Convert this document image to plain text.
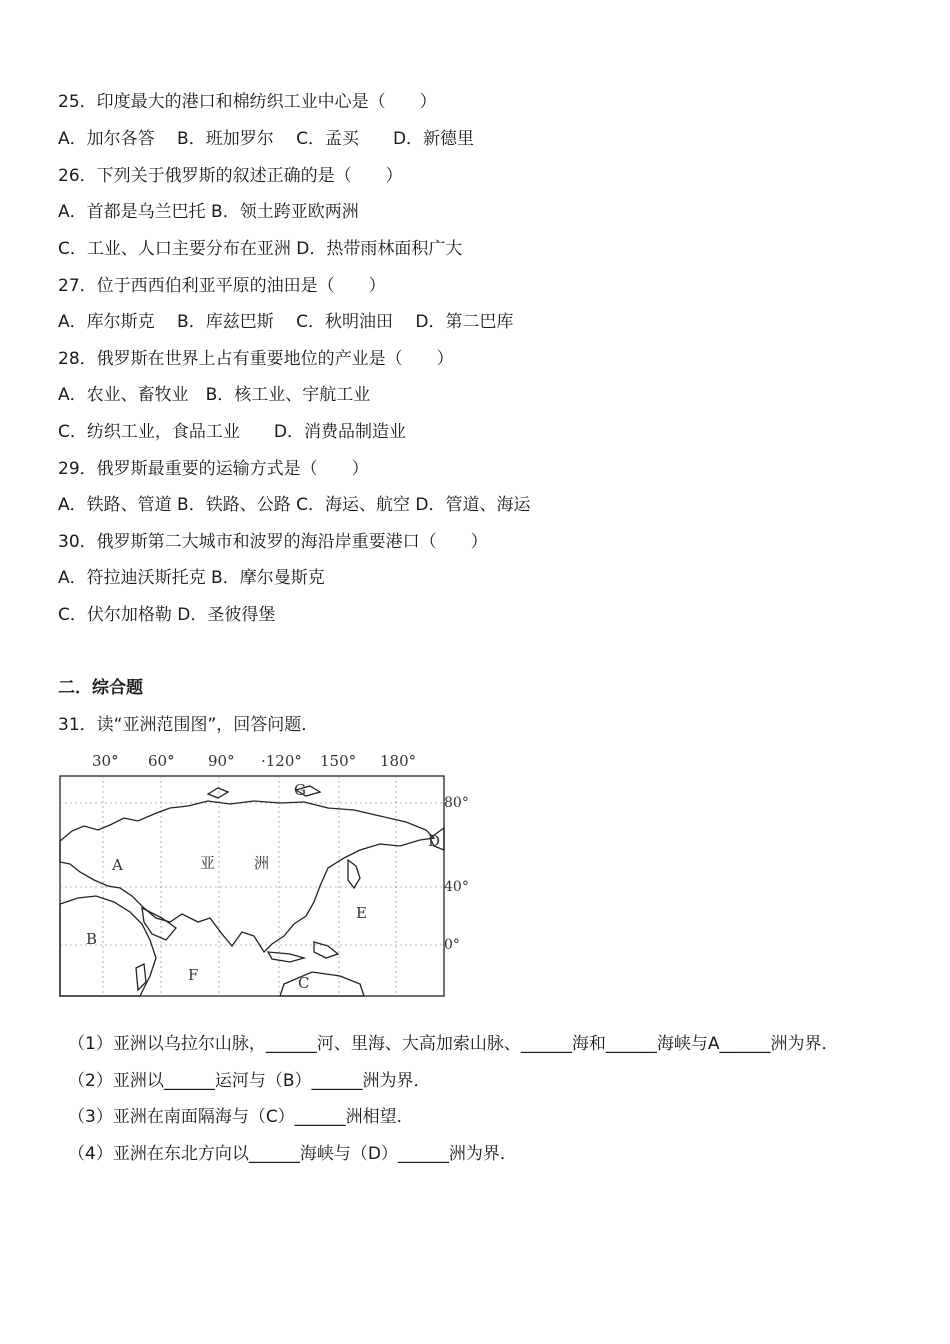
25．印度最大的港口和棉纺织工业中心是（　　）
A．加尔各答　 B．班加罗尔　 C．孟买　　D．新德里
26．下列关于俄罗斯的叙述正确的是（　　）
A．首都是乌兰巴托 B．领土跨亚欧两洲
C．工业、人口主要分布在亚洲 D．热带雨林面积广大
27．位于西西伯利亚平原的油田是（　　）
A．库尔斯克　 B．库兹巴斯　 C．秋明油田　 D．第二巴库
28．俄罗斯在世界上占有重要地位的产业是（　　）
A．农业、畜牧业　B．核工业、宇航工业
C．纺织工业，食品工业　　D．消费品制造业
29．俄罗斯最重要的运输方式是（　　）
A．铁路、管道 B．铁路、公路 C．海运、航空 D．管道、海运
30．俄罗斯第二大城市和波罗的海沿岸重要港口（　　）
A．符拉迪沃斯托克 B．摩尔曼斯克
C．伏尔加格勒 D．圣彼得堡
二．综合题
31．读“亚洲范围图”，回答问题．
30° 60° 90° ·120° 150° 180°
80°
40°
0°
G
A	亚	洲
D
E
B
F	C
（1）亚洲以乌拉尔山脉，______河、里海、大高加索山脉、______海和______海峡与A______洲为界．
（2）亚洲以______运河与（B）______洲为界．
（3）亚洲在南面隔海与（C）______洲相望．
（4）亚洲在东北方向以______海峡与（D）______洲为界．
